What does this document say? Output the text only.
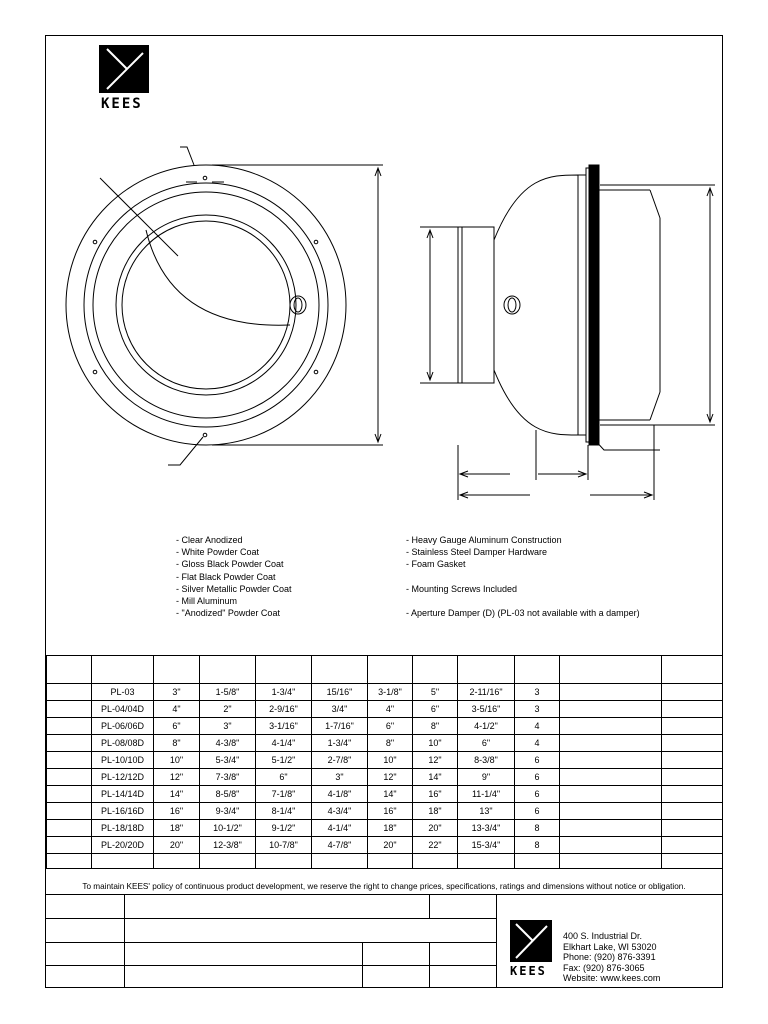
KEES
- Clear Anodized
- White Powder Coat
- Gloss Black Powder Coat
- Flat Black Powder Coat
- Silver Metallic Powder Coat
- Mill Aluminum
- "Anodized" Powder Coat
- Heavy Gauge Aluminum Construction
- Stainless Steel Damper Hardware
- Foam Gasket
- Mounting Screws Included
- Aperture Damper (D) (PL-03 not available with a damper)

	PL-03	3"	1-5/8"	1-3/4"	15/16"	3-1/8"	5"	2-11/16"	3		
	PL-04/04D	4"	2"	2-9/16"	3/4"	4"	6"	3-5/16"	3		
	PL-06/06D	6"	3"	3-1/16"	1-7/16"	6"	8"	4-1/2"	4		
	PL-08/08D	8"	4-3/8"	4-1/4"	1-3/4"	8"	10"	6"	4		
	PL-10/10D	10"	5-3/4"	5-1/2"	2-7/8"	10"	12"	8-3/8"	6		
	PL-12/12D	12"	7-3/8"	6"	3"	12"	14"	9"	6		
	PL-14/14D	14"	8-5/8"	7-1/8"	4-1/8"	14"	16"	11-1/4"	6		
	PL-16/16D	16"	9-3/4"	8-1/4"	4-3/4"	16"	18"	13"	6		
	PL-18/18D	18"	10-1/2"	9-1/2"	4-1/4"	18"	20"	13-3/4"	8		
	PL-20/20D	20"	12-3/8"	10-7/8"	4-7/8"	20"	22"	15-3/4"	8		

To maintain KEES' policy of continuous product development, we reserve the right to change prices, specifications, ratings and dimensions without notice or obligation.
KEES
400 S. Industrial Dr.
Elkhart Lake, WI 53020
Phone: (920) 876-3391
Fax: (920) 876-3065
Website: www.kees.com
